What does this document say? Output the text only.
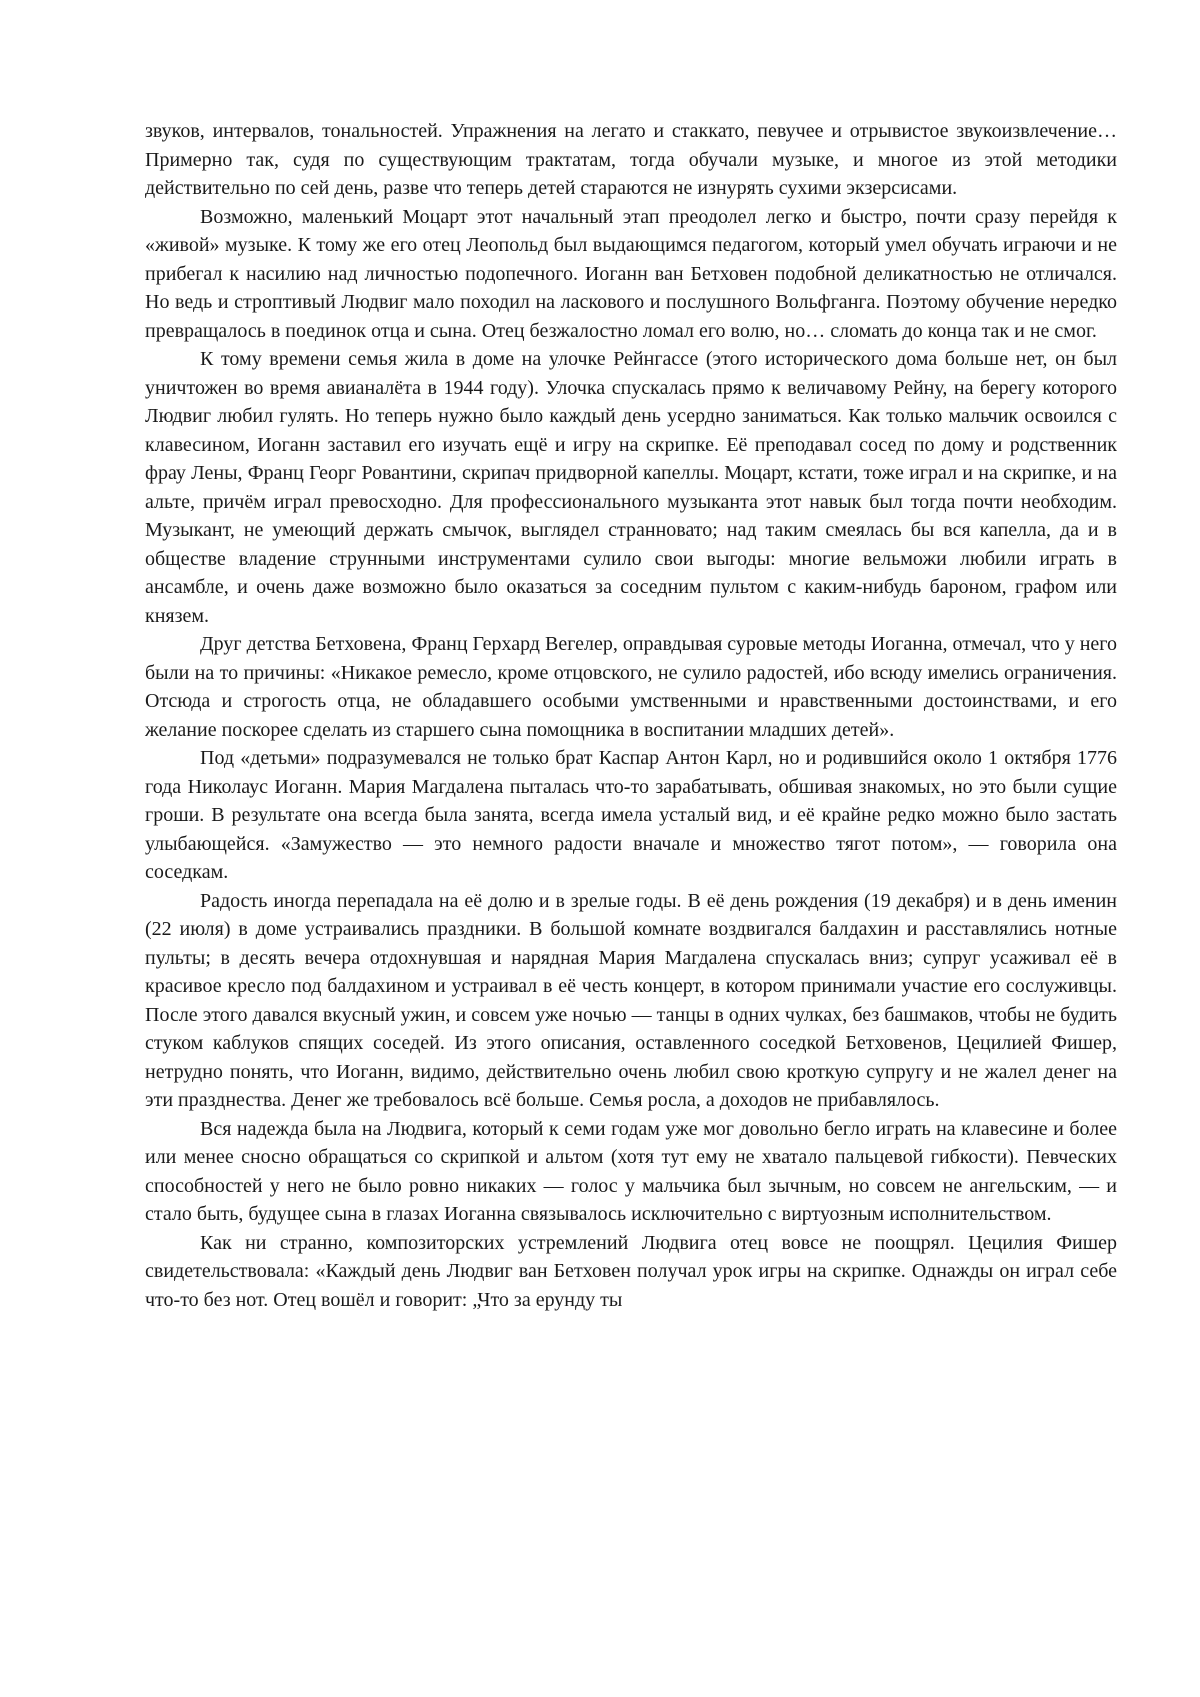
звуков, интервалов, тональностей. Упражнения на легато и стаккато, певучее и отрывистое звукоизвлечение… Примерно так, судя по существующим трактатам, тогда обучали музыке, и многое из этой методики действительно по сей день, разве что теперь детей стараются не изнурять сухими экзерсисами.

Возможно, маленький Моцарт этот начальный этап преодолел легко и быстро, почти сразу перейдя к «живой» музыке. К тому же его отец Леопольд был выдающимся педагогом, который умел обучать играючи и не прибегал к насилию над личностью подопечного. Иоганн ван Бетховен подобной деликатностью не отличался. Но ведь и строптивый Людвиг мало походил на ласкового и послушного Вольфганга. Поэтому обучение нередко превращалось в поединок отца и сына. Отец безжалостно ломал его волю, но… сломать до конца так и не смог.

К тому времени семья жила в доме на улочке Рейнгассе (этого исторического дома больше нет, он был уничтожен во время авианалёта в 1944 году). Улочка спускалась прямо к величавому Рейну, на берегу которого Людвиг любил гулять. Но теперь нужно было каждый день усердно заниматься. Как только мальчик освоился с клавесином, Иоганн заставил его изучать ещё и игру на скрипке. Её преподавал сосед по дому и родственник фрау Лены, Франц Георг Ровантини, скрипач придворной капеллы. Моцарт, кстати, тоже играл и на скрипке, и на альте, причём играл превосходно. Для профессионального музыканта этот навык был тогда почти необходим. Музыкант, не умеющий держать смычок, выглядел странновато; над таким смеялась бы вся капелла, да и в обществе владение струнными инструментами сулило свои выгоды: многие вельможи любили играть в ансамбле, и очень даже возможно было оказаться за соседним пультом с каким-нибудь бароном, графом или князем.

Друг детства Бетховена, Франц Герхард Вегелер, оправдывая суровые методы Иоганна, отмечал, что у него были на то причины: «Никакое ремесло, кроме отцовского, не сулило радостей, ибо всюду имелись ограничения. Отсюда и строгость отца, не обладавшего особыми умственными и нравственными достоинствами, и его желание поскорее сделать из старшего сына помощника в воспитании младших детей».

Под «детьми» подразумевался не только брат Каспар Антон Карл, но и родившийся около 1 октября 1776 года Николаус Иоганн. Мария Магдалена пыталась что-то зарабатывать, обшивая знакомых, но это были сущие гроши. В результате она всегда была занята, всегда имела усталый вид, и её крайне редко можно было застать улыбающейся. «Замужество — это немного радости вначале и множество тягот потом», — говорила она соседкам.

Радость иногда перепадала на её долю и в зрелые годы. В её день рождения (19 декабря) и в день именин (22 июля) в доме устраивались праздники. В большой комнате воздвигался балдахин и расставлялись нотные пульты; в десять вечера отдохнувшая и нарядная Мария Магдалена спускалась вниз; супруг усаживал её в красивое кресло под балдахином и устраивал в её честь концерт, в котором принимали участие его сослуживцы. После этого давался вкусный ужин, и совсем уже ночью — танцы в одних чулках, без башмаков, чтобы не будить стуком каблуков спящих соседей. Из этого описания, оставленного соседкой Бетховенов, Цецилией Фишер, нетрудно понять, что Иоганн, видимо, действительно очень любил свою кроткую супругу и не жалел денег на эти празднества. Денег же требовалось всё больше. Семья росла, а доходов не прибавлялось.

Вся надежда была на Людвига, который к семи годам уже мог довольно бегло играть на клавесине и более или менее сносно обращаться со скрипкой и альтом (хотя тут ему не хватало пальцевой гибкости). Певческих способностей у него не было ровно никаких — голос у мальчика был зычным, но совсем не ангельским, — и стало быть, будущее сына в глазах Иоганна связывалось исключительно с виртуозным исполнительством.

Как ни странно, композиторских устремлений Людвига отец вовсе не поощрял. Цецилия Фишер свидетельствовала: «Каждый день Людвиг ван Бетховен получал урок игры на скрипке. Однажды он играл себе что-то без нот. Отец вошёл и говорит: „Что за ерунду ты
